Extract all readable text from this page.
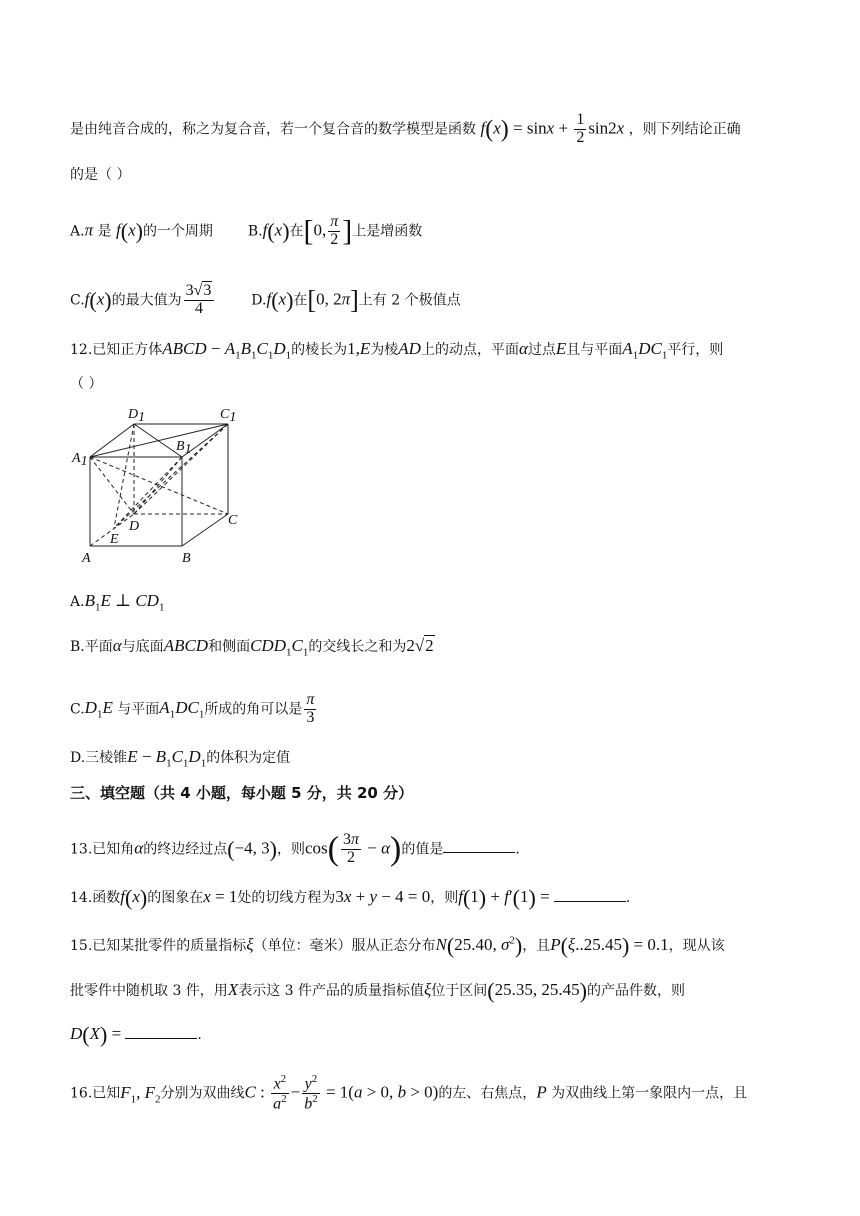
是由纯音合成的，称之为复合音，若一个复合音的数学模型是函数 $f(x) = \sin x + \frac{1}{2} \sin 2x$ ，则下列结论正确
的是（ ）
A.π 是 f(x)的一个周期 B.f(x)在[0, $\frac{\pi}{2}$ ]上是增函数
C.f(x)的最大值为 $\frac{3√3}{4}$	D.f(x)在[0, 2π]上有 2 个极值点
12.已知正方体ABCD − $A_1B_1C_1D_1$的棱长为1,E为棱AD上的动点，平面α过点E且与平面$A_1DC_1$平行，则
（ ）
D1	C1
B1
A1
D	C
E
A	B
$A.B_1E$ ⊥ $CD_1$
B.平面α与底面ABCD和侧面$CDD_1C_1$的交线长之和为2√2
$C.D_1E$ 与平面$A_1DC_1$所成的角可以是 $\frac{\pi}{3}$
D.三棱锥$E - B_1C_1D_1$的体积为定值
三、填空题（共 4 小题，每小题 5 分，共 20 分）
13.已知角α的终边经过点(−4, 3)，则$\cos( \frac{3\pi}{2} - \alpha)$的值是	.
14.函数f(x)的图象在x = 1处的切线方程为3x + y − 4 = 0，则f(1) + f′(1) =	.
15.已知某批零件的质量指标ξ（单位：毫米）服从正态分布N(25.40, $\sigma^2$)，且P(ξ..25.45) = 0.1，现从该
批零件中随机取 3 件，用X表示这 3 件产品的质量指标值ξ位于区间(25.35, 25.45)的产品件数，则
D(X) =	.
16.已知$F_1$, $F_2$分别为双曲线C : $\frac{x^2}{a^2} - \frac{y^2}{b^2} = 1(a > 0$, b > 0)的左、右焦点，P 为双曲线上第一象限内一点，且
